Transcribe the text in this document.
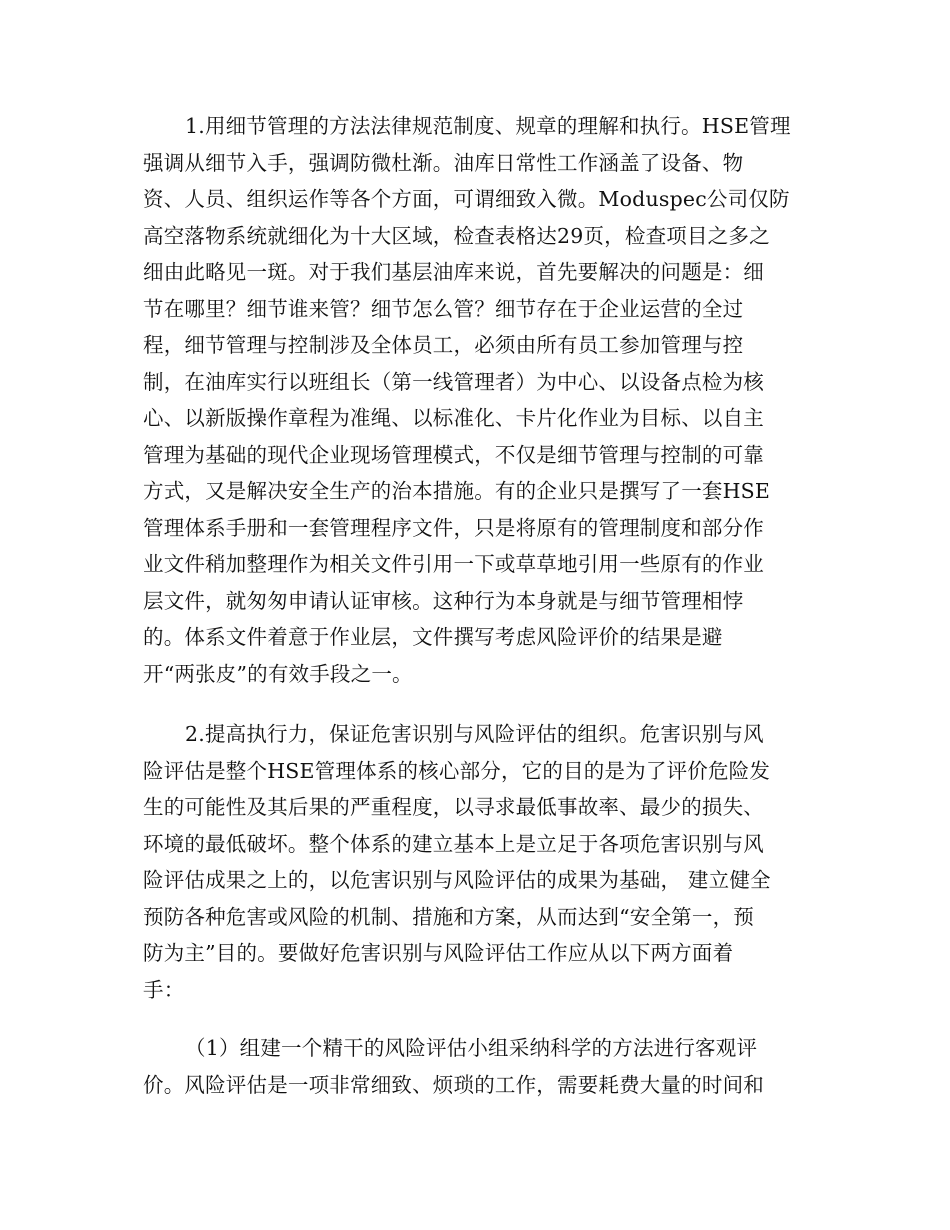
1.用细节管理的方法法律规范制度、规章的理解和执行。HSE管理
强调从细节入手，强调防微杜渐。油库日常性工作涵盖了设备、物
资、人员、组织运作等各个方面，可谓细致入微。Moduspec公司仅防
高空落物系统就细化为十大区域，检查表格达29页，检查项目之多之
细由此略见一斑。对于我们基层油库来说，首先要解决的问题是：细
节在哪里？细节谁来管？细节怎么管？细节存在于企业运营的全过
程，细节管理与控制涉及全体员工，必须由所有员工参加管理与控
制，在油库实行以班组长（第一线管理者）为中心、以设备点检为核
心、以新版操作章程为准绳、以标准化、卡片化作业为目标、以自主
管理为基础的现代企业现场管理模式，不仅是细节管理与控制的可靠
方式，又是解决安全生产的治本措施。有的企业只是撰写了一套HSE
管理体系手册和一套管理程序文件，只是将原有的管理制度和部分作
业文件稍加整理作为相关文件引用一下或草草地引用一些原有的作业
层文件，就匆匆申请认证审核。这种行为本身就是与细节管理相悖
的。体系文件着意于作业层，文件撰写考虑风险评价的结果是避
开“两张皮”的有效手段之一。
2.提高执行力，保证危害识别与风险评估的组织。危害识别与风
险评估是整个HSE管理体系的核心部分，它的目的是为了评价危险发
生的可能性及其后果的严重程度，以寻求最低事故率、最少的损失、
环境的最低破坏。整个体系的建立基本上是立足于各项危害识别与风
险评估成果之上的，以危害识别与风险评估的成果为基础， 建立健全
预防各种危害或风险的机制、措施和方案，从而达到“安全第一，预
防为主”目的。要做好危害识别与风险评估工作应从以下两方面着
手：
（1）组建一个精干的风险评估小组采纳科学的方法进行客观评
价。风险评估是一项非常细致、烦琐的工作，需要耗费大量的时间和
